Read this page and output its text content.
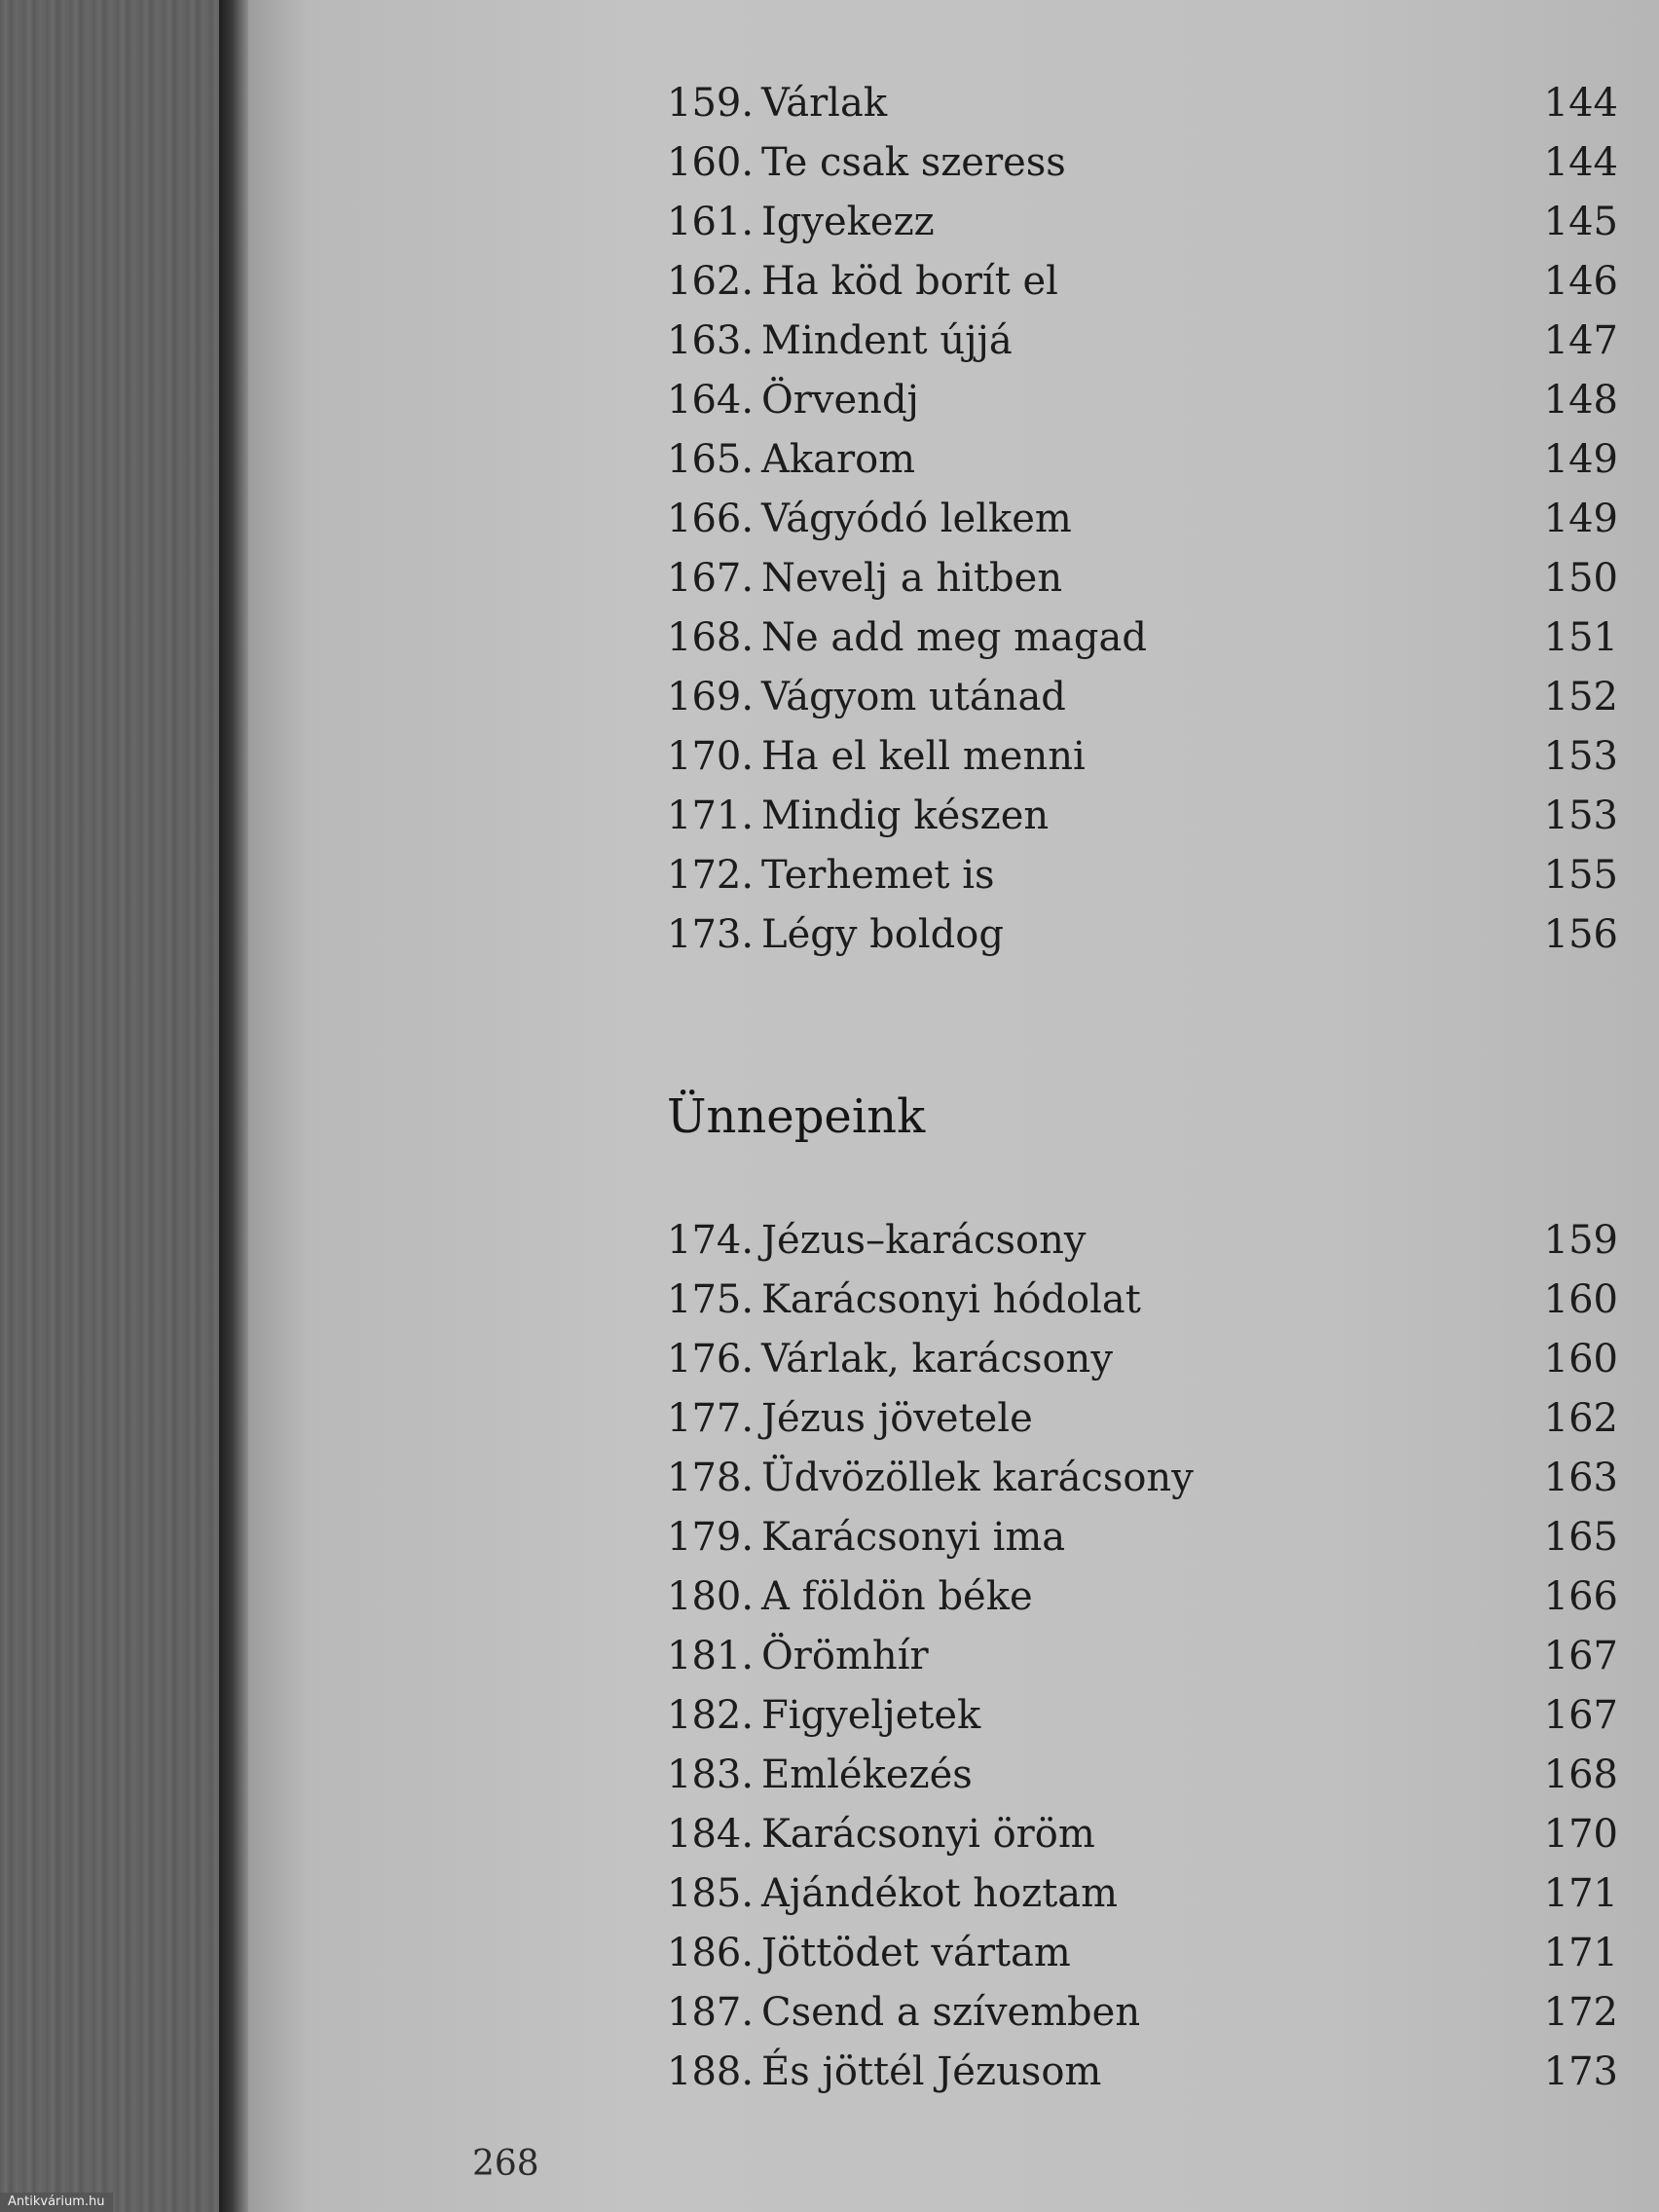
159. Várlak	144
160. Te csak szeress	144
161. Igyekezz	145
162. Ha köd borít el	146
163. Mindent újjá	147
164. Örvendj	148
165. Akarom	149
166. Vágyódó lelkem	149
167. Nevelj a hitben	150
168. Ne add meg magad	151
169. Vágyom utánad	152
170. Ha el kell menni	153
171. Mindig készen	153
172. Terhemet is	155
173. Légy boldog	156
Ünnepeink
174. Jézus–karácsony	159
175. Karácsonyi hódolat	160
176. Várlak, karácsony	160
177. Jézus jövetele	162
178. Üdvözöllek karácsony	163
179. Karácsonyi ima	165
180. A földön béke	166
181. Örömhír	167
182. Figyeljetek	167
183. Emlékezés	168
184. Karácsonyi öröm	170
185. Ajándékot hoztam	171
186. Jöttödet vártam	171
187. Csend a szívemben	172
188. És jöttél Jézusom	173
268
Antikvárium.hu
